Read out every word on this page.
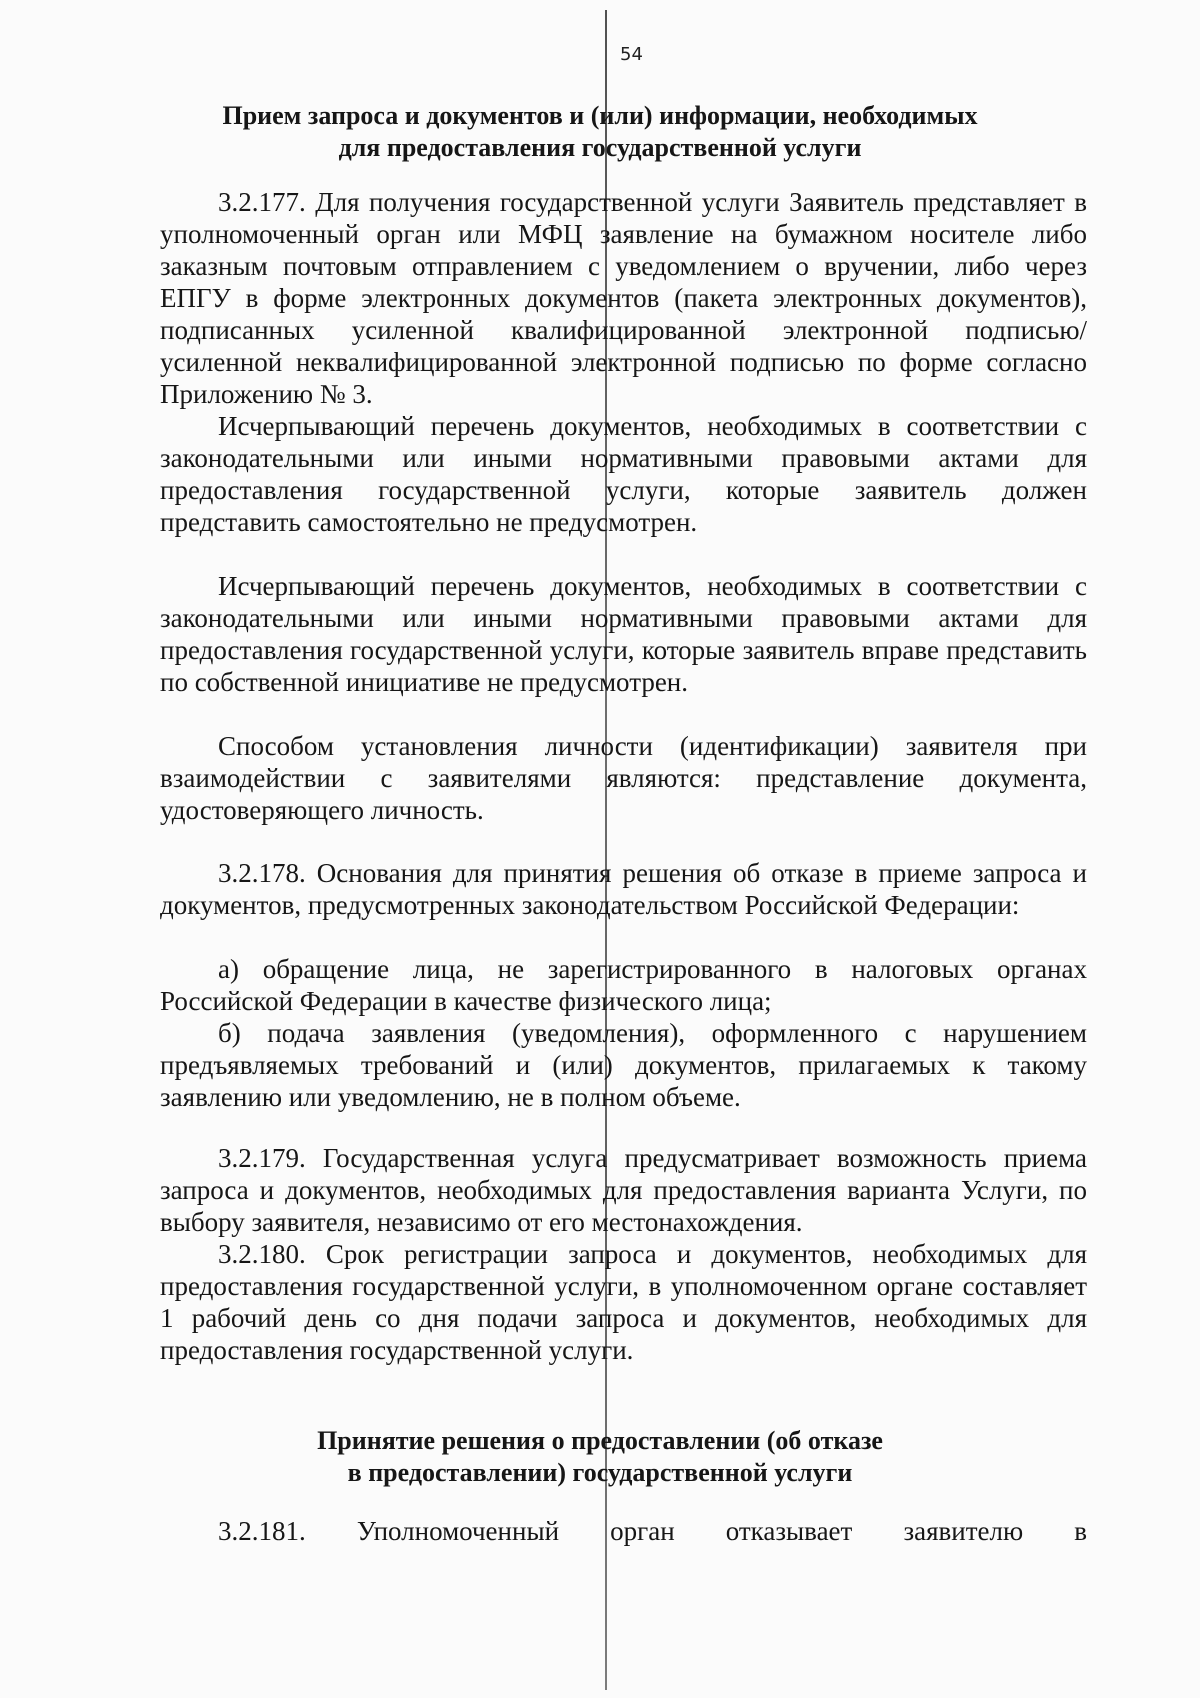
54
Прием запроса и документов и (или) информации, необходимых
для предоставления государственной услуги

3.2.177. Для получения государственной услуги Заявитель представляет в уполномоченный орган или МФЦ заявление на бумажном носителе либо заказным почтовым отправлением с уведомлением о вручении, либо через ЕПГУ в форме электронных документов (пакета электронных документов), подписанных усиленной квалифицированной электронной подписью/усиленной неквалифицированной электронной подписью по форме согласно Приложению № 3.

Исчерпывающий перечень документов, необходимых в соответствии с законодательными или иными нормативными правовыми актами для предоставления государственной услуги, которые заявитель должен представить самостоятельно не предусмотрен.

Исчерпывающий перечень документов, необходимых в соответствии с законодательными или иными нормативными правовыми актами для предоставления государственной услуги, которые заявитель вправе представить по собственной инициативе не предусмотрен.

Способом установления личности (идентификации) заявителя при взаимодействии с заявителями являются: представление документа, удостоверяющего личность.

3.2.178. Основания для принятия решения об отказе в приеме запроса и документов, предусмотренных законодательством Российской Федерации:

а) обращение лица, не зарегистрированного в налоговых органах Российской Федерации в качестве физического лица;

б) подача заявления (уведомления), оформленного с нарушением предъявляемых требований и (или) документов, прилагаемых к такому заявлению или уведомлению, не в полном объеме.

3.2.179. Государственная услуга предусматривает возможность приема запроса и документов, необходимых для предоставления варианта Услуги, по выбору заявителя, независимо от его местонахождения.

3.2.180. Срок регистрации запроса и документов, необходимых для предоставления государственной услуги, в уполномоченном органе составляет 1 рабочий день со дня подачи запроса и документов, необходимых для предоставления государственной услуги.

Принятие решения о предоставлении (об отказе
в предоставлении) государственной услуги

3.2.181. Уполномоченный орган отказывает заявителю в
